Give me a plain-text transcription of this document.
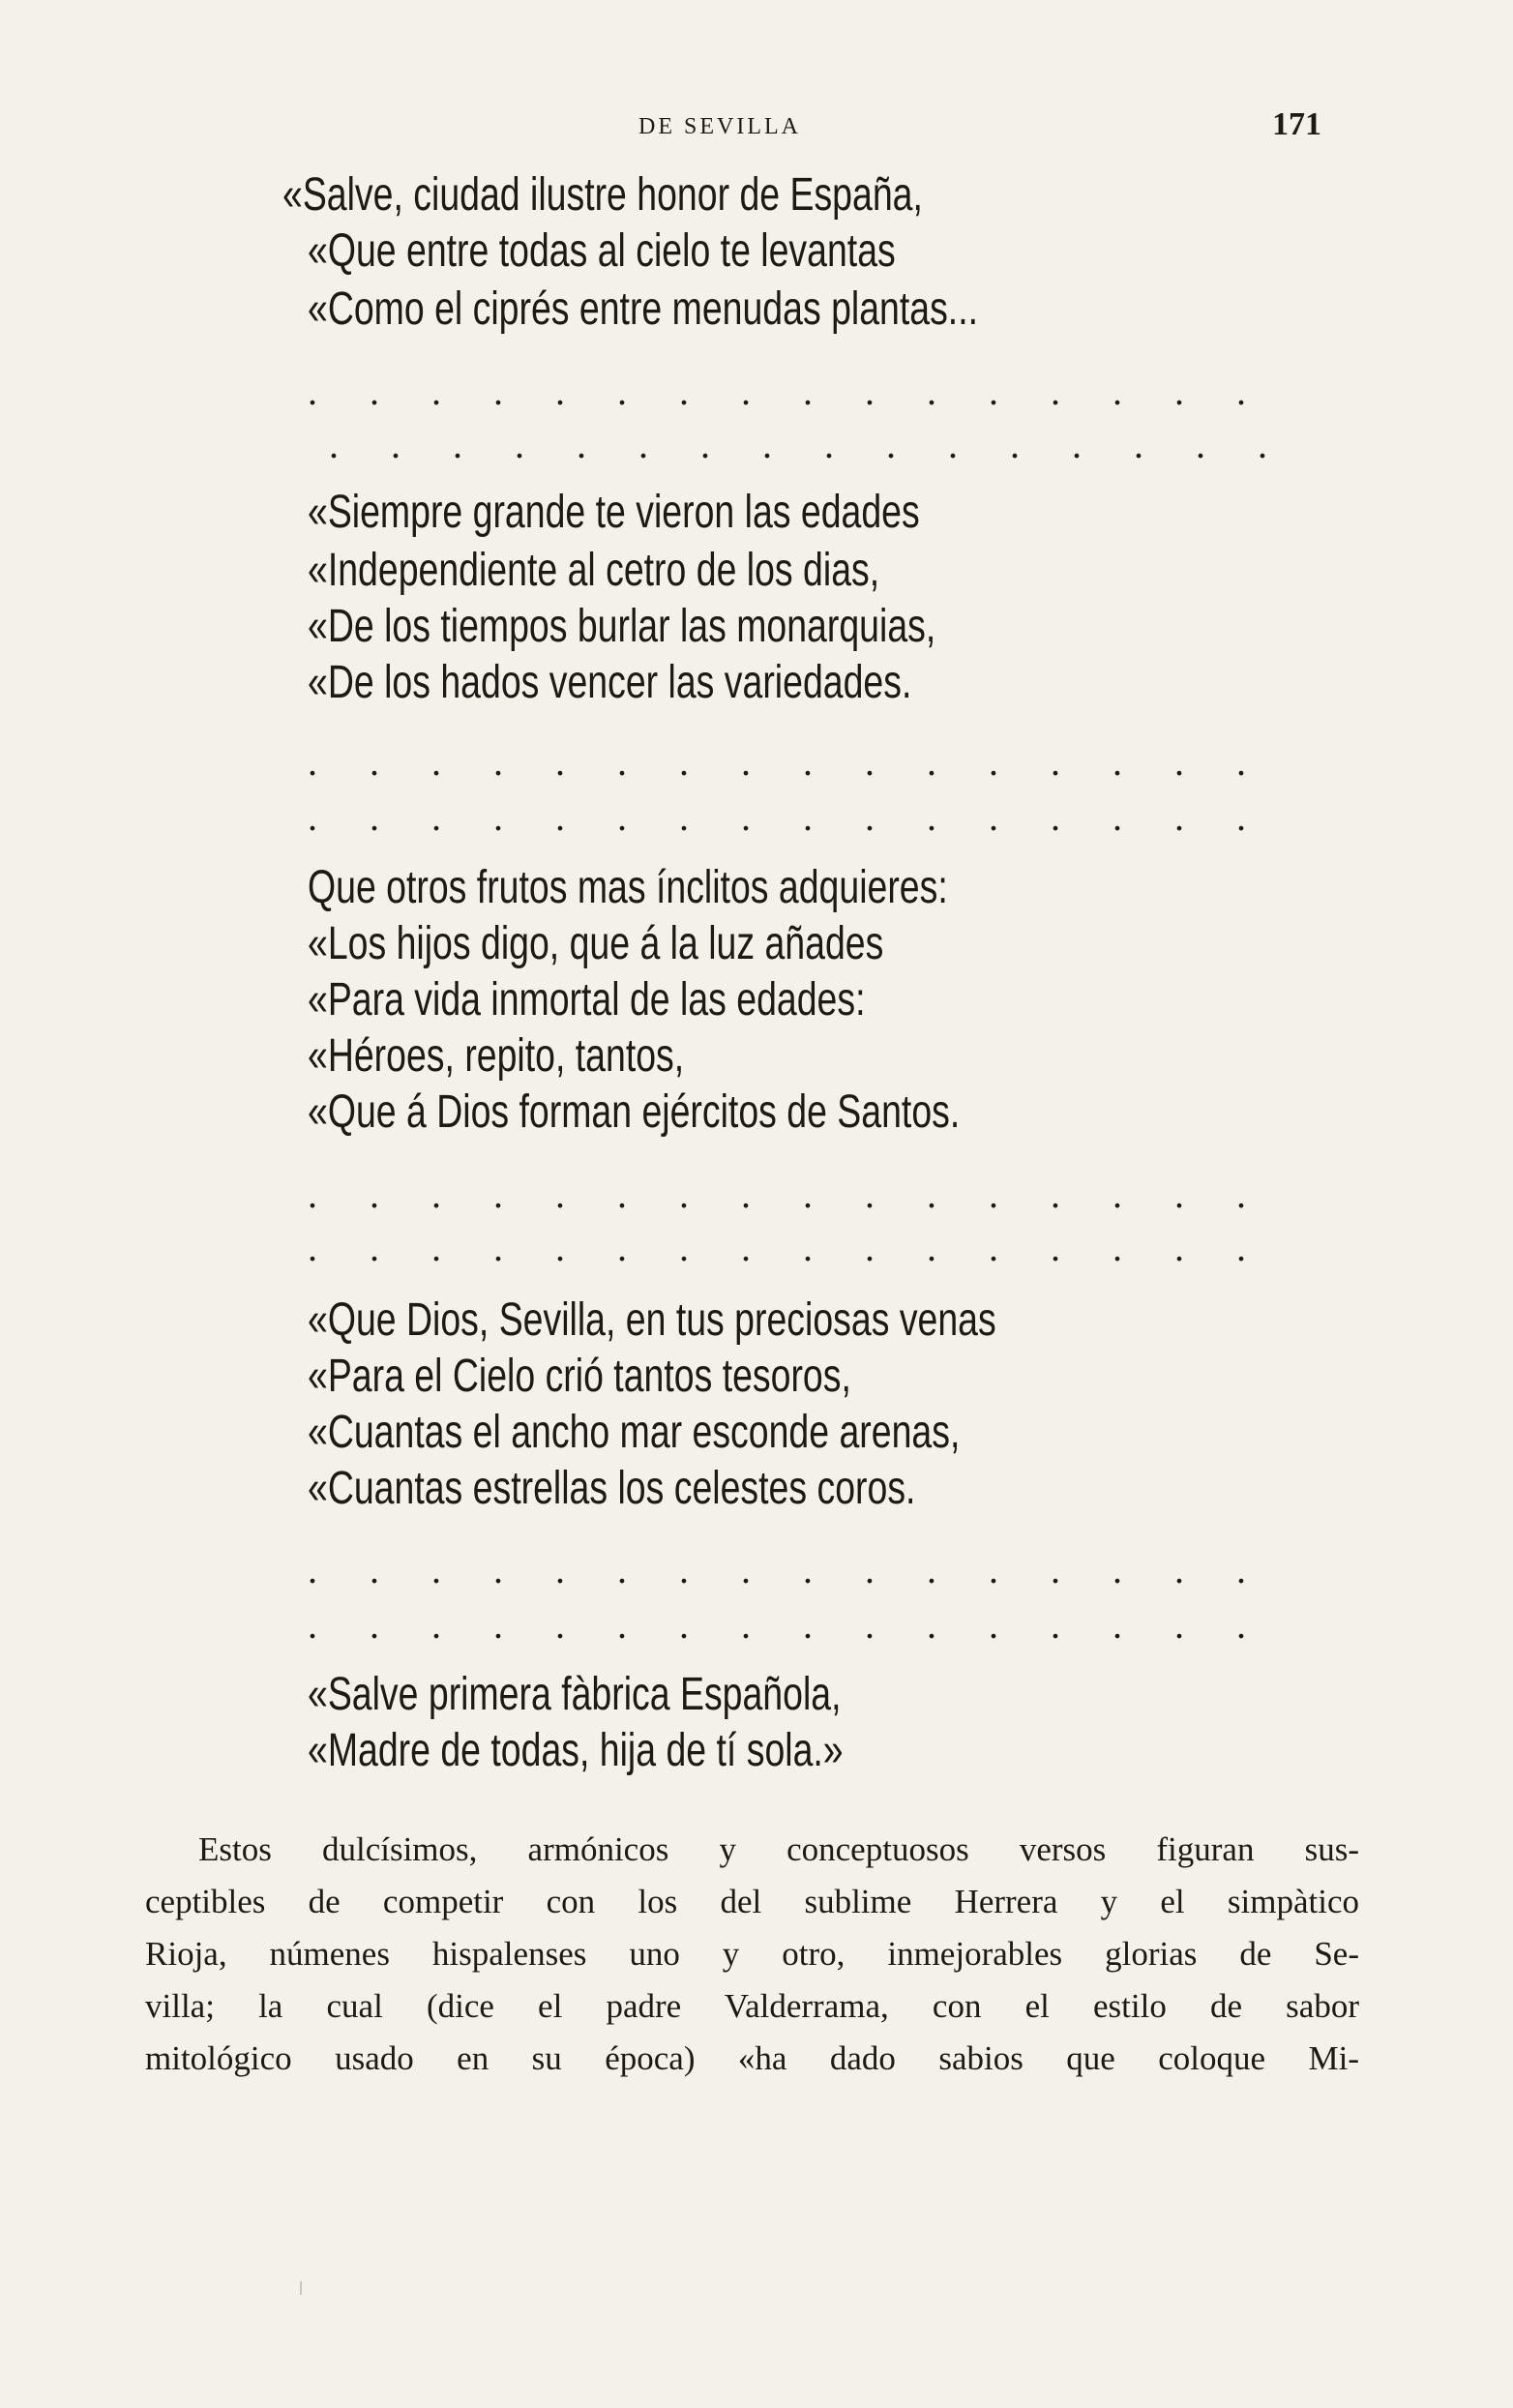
DE SEVILLA	171
«Salve, ciudad ilustre honor de España,
«Que entre todas al cielo te levantas
«Como el ciprés entre menudas plantas...
. . . . . . . . . . . . . . . .
. . . . . . . . . . . . . . . .
«Siempre grande te vieron las edades
«Independiente al cetro de los dias,
«De los tiempos burlar las monarquias,
«De los hados vencer las variedades.
. . . . . . . . . . . . . . . .
. . . . . . . . . . . . . . . .
Que otros frutos mas ínclitos adquieres:
«Los hijos digo, que á la luz añades
«Para vida inmortal de las edades:
«Héroes, repito, tantos,
«Que á Dios forman ejércitos de Santos.
. . . . . . . . . . . . . . . .
. . . . . . . . . . . . . . . .
«Que Dios, Sevilla, en tus preciosas venas
«Para el Cielo crió tantos tesoros,
«Cuantas el ancho mar esconde arenas,
«Cuantas estrellas los celestes coros.
. . . . . . . . . . . . . . . .
. . . . . . . . . . . . . . . .
«Salve primera fàbrica Española,
«Madre de todas, hija de tí sola.»
Estos dulcísimos, armónicos y conceptuosos versos figuran sus-
ceptibles de competir con los del sublime Herrera y el simpàtico
Rioja, númenes hispalenses uno y otro, inmejorables glorias de Se-
villa; la cual (dice el padre Valderrama, con el estilo de sabor
mitológico usado en su época) «ha dado sabios que coloque Mi-
